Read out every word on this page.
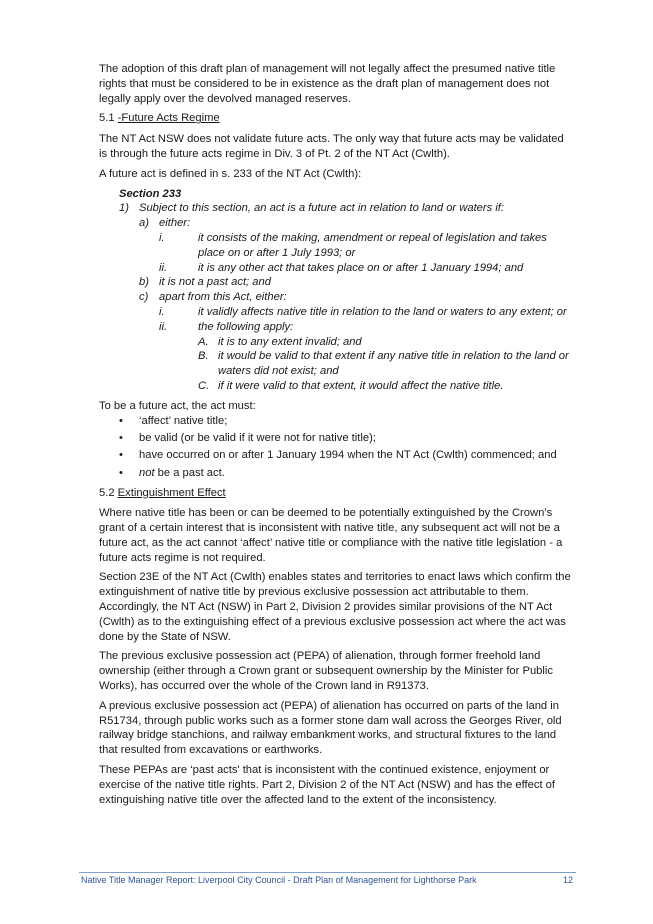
The adoption of this draft plan of management will not legally affect the presumed native title rights that must be considered to be in existence as the draft plan of management does not legally apply over the devolved managed reserves.

5.1 -Future Acts Regime

The NT Act NSW does not validate future acts. The only way that future acts may be validated is through the future acts regime in Div. 3 of Pt. 2 of the NT Act (Cwlth).

A future act is defined in s. 233 of the NT Act (Cwlth):

Section 233
1) Subject to this section, an act is a future act in relation to land or waters if:
a) either:
i.	it consists of the making, amendment or repeal of legislation and takes place on or after 1 July 1993; or
ii.	it is any other act that takes place on or after 1 January 1994; and
b) it is not a past act; and
c) apart from this Act, either:
i.	it validly affects native title in relation to the land or waters to any extent; or
ii.	the following apply:
A. it is to any extent invalid; and
B. it would be valid to that extent if any native title in relation to the land or waters did not exist; and
C. if it were valid to that extent, it would affect the native title.

To be a future act, the act must:

• ‘affect’ native title;
• be valid (or be valid if it were not for native title);
• have occurred on or after 1 January 1994 when the NT Act (Cwlth) commenced; and
• not be a past act.

5.2 Extinguishment Effect

Where native title has been or can be deemed to be potentially extinguished by the Crown’s grant of a certain interest that is inconsistent with native title, any subsequent act will not be a future act, as the act cannot ‘affect’ native title or compliance with the native title legislation - a future acts regime is not required.

Section 23E of the NT Act (Cwlth) enables states and territories to enact laws which confirm the extinguishment of native title by previous exclusive possession act attributable to them. Accordingly, the NT Act (NSW) in Part 2, Division 2 provides similar provisions of the NT Act (Cwlth) as to the extinguishing effect of a previous exclusive possession act where the act was done by the State of NSW.

The previous exclusive possession act (PEPA) of alienation, through former freehold land ownership (either through a Crown grant or subsequent ownership by the Minister for Public Works), has occurred over the whole of the Crown land in R91373.

A previous exclusive possession act (PEPA) of alienation has occurred on parts of the land in R51734, through public works such as a former stone dam wall across the Georges River, old railway bridge stanchions, and railway embankment works, and structural fixtures to the land that resulted from excavations or earthworks.

These PEPAs are ‘past acts' that is inconsistent with the continued existence, enjoyment or exercise of the native title rights. Part 2, Division 2 of the NT Act (NSW) and has the effect of extinguishing native title over the affected land to the extent of the inconsistency.

Native Title Manager Report: Liverpool City Council - Draft Plan of Management for Lighthorse Park	12
